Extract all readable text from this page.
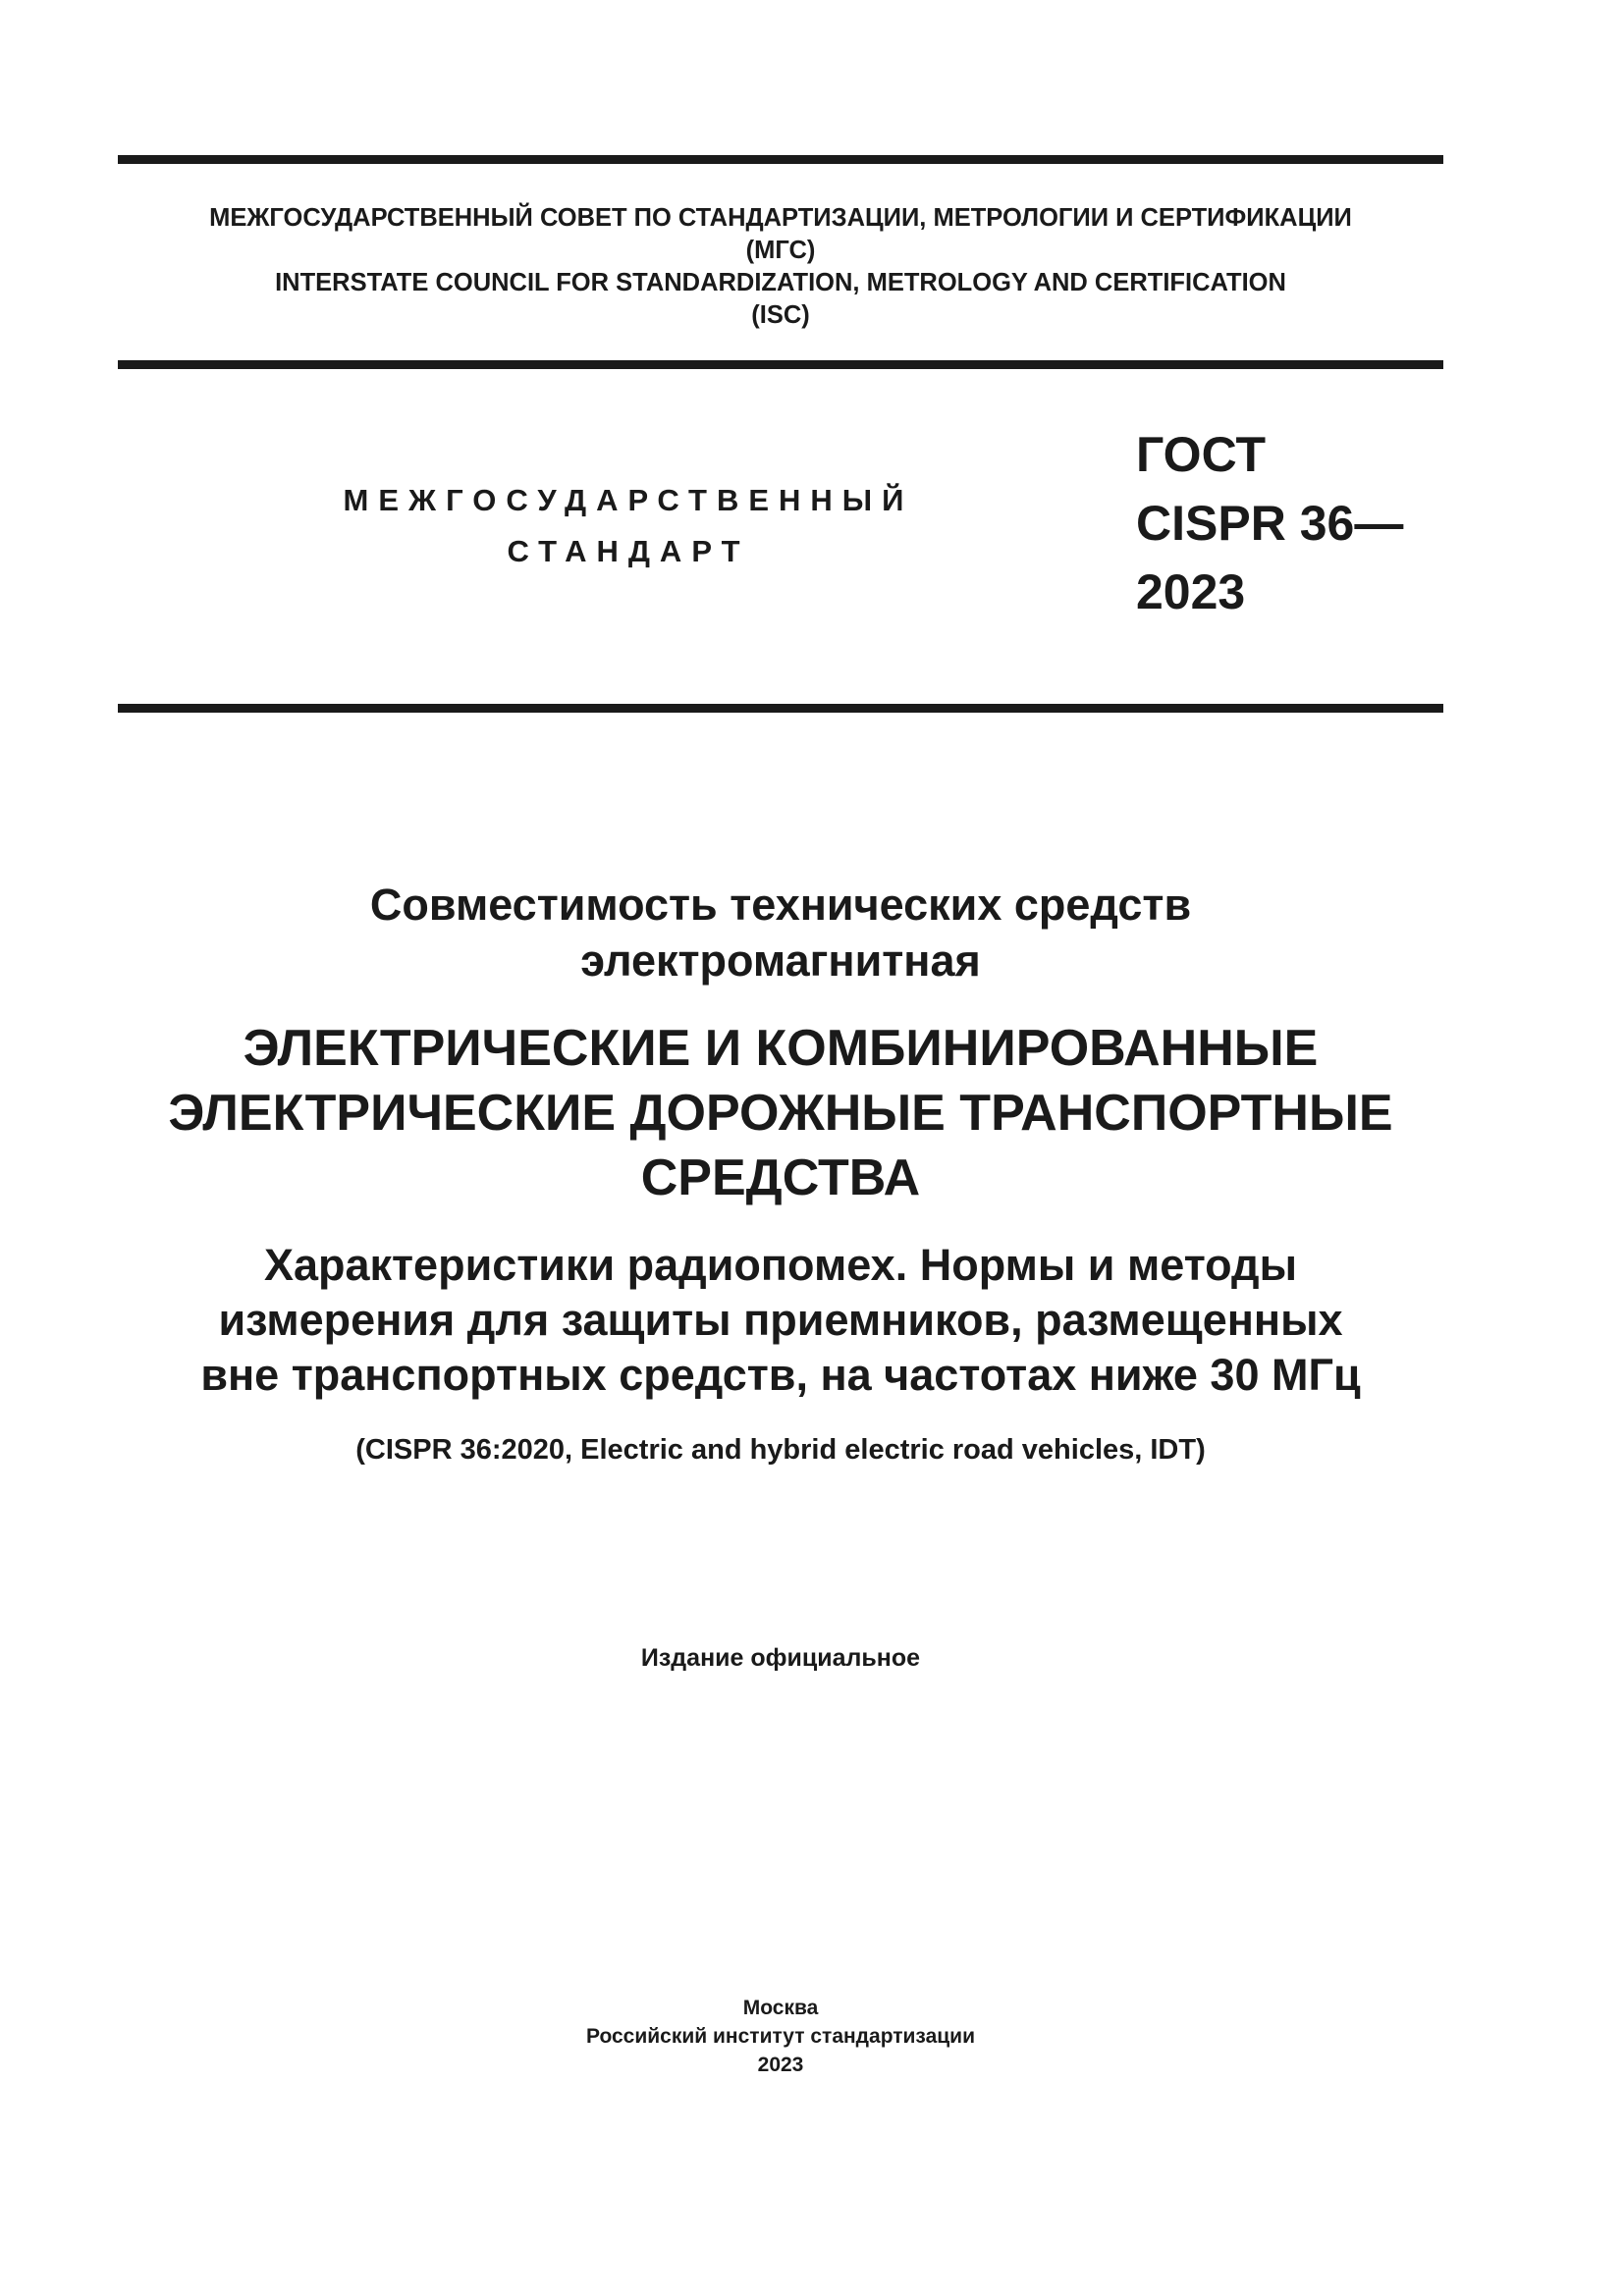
МЕЖГОСУДАРСТВЕННЫЙ СОВЕТ ПО СТАНДАРТИЗАЦИИ, МЕТРОЛОГИИ И СЕРТИФИКАЦИИ
(МГС)
INTERSTATE COUNCIL FOR STANDARDIZATION, METROLOGY AND CERTIFICATION
(ISC)
МЕЖГОСУДАРСТВЕННЫЙ
СТАНДАРТ
ГОСТ
CISPR 36—
2023
Совместимость технических средств
электромагнитная
ЭЛЕКТРИЧЕСКИЕ И КОМБИНИРОВАННЫЕ
ЭЛЕКТРИЧЕСКИЕ ДОРОЖНЫЕ ТРАНСПОРТНЫЕ
СРЕДСТВА
Характеристики радиопомех. Нормы и методы
измерения для защиты приемников, размещенных
вне транспортных средств, на частотах ниже 30 МГц
(CISPR 36:2020, Electric and hybrid electric road vehicles, IDT)
Издание официальное
Москва
Российский институт стандартизации
2023
